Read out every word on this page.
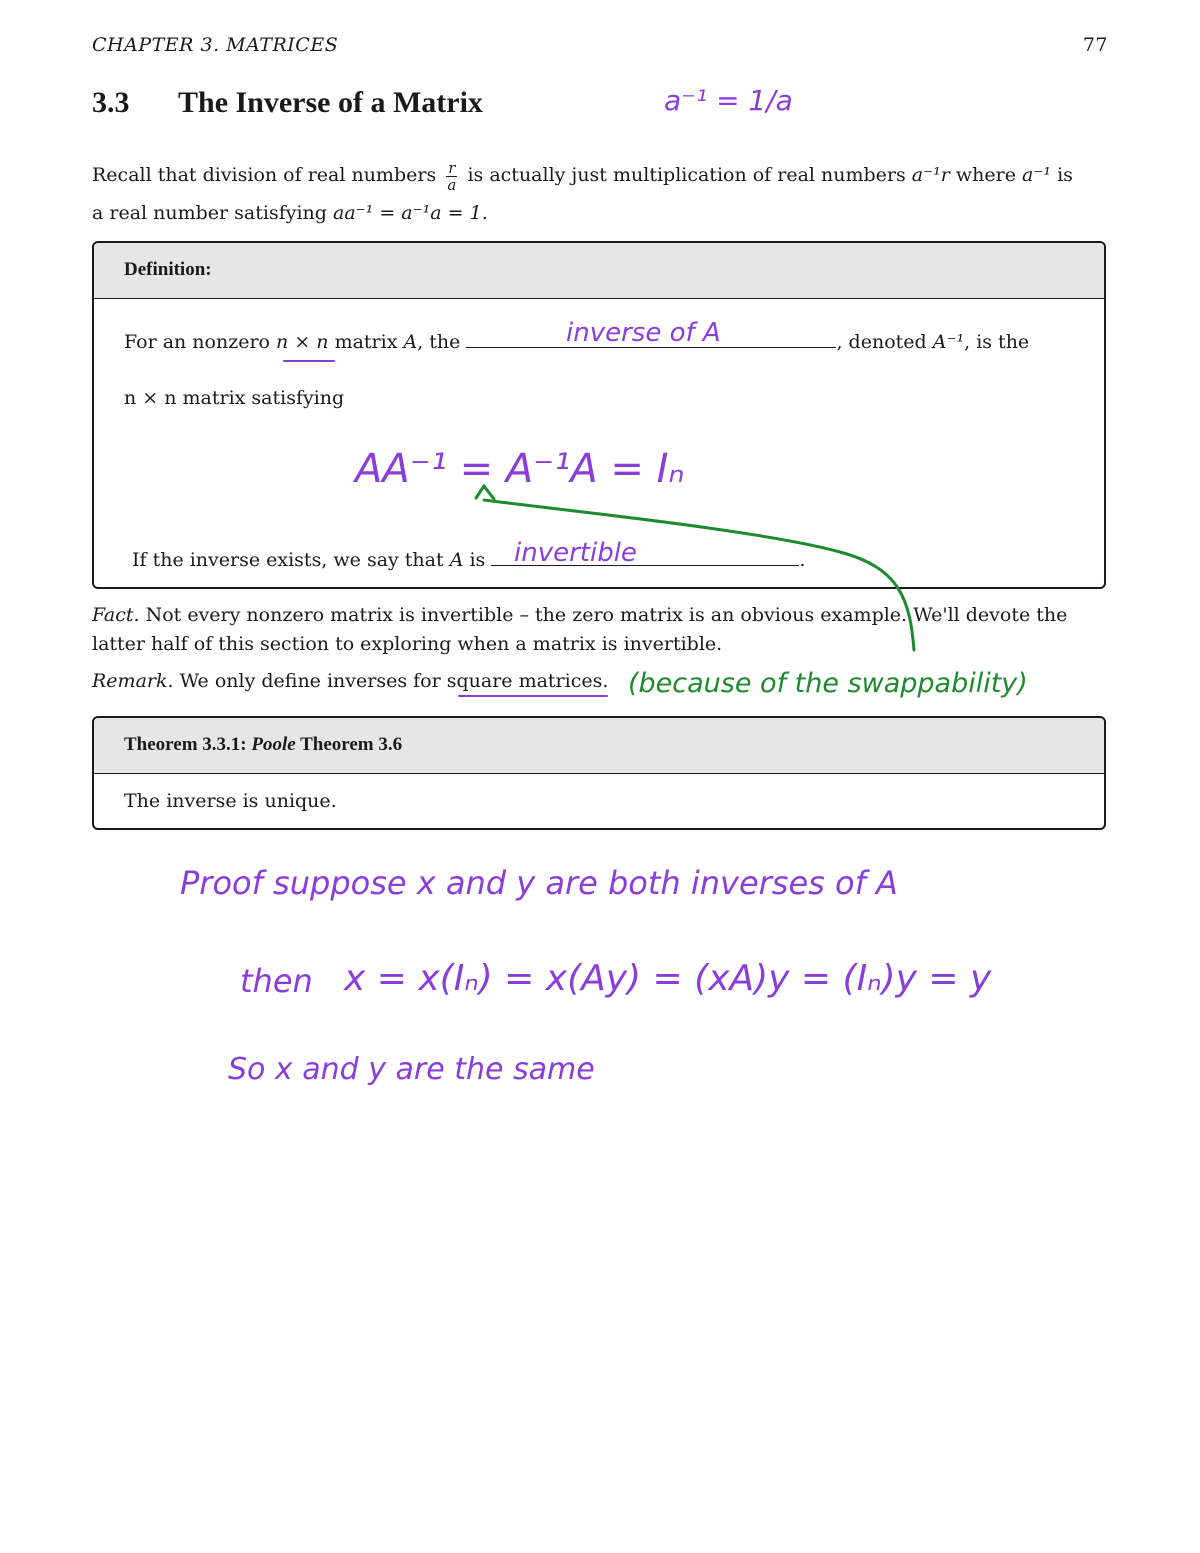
CHAPTER 3. MATRICES	77
3.3 The Inverse of a Matrix	a⁻¹ = 1/a
Recall that division of real numbers $\frac{r}{a}$ is actually just multiplication of real numbers a⁻¹r where a⁻¹ is
a real number satisfying aa⁻¹ = a⁻¹a = 1.
Definition:
For an nonzero n × n matrix A, the	, denoted A⁻¹, is the
n × n matrix satisfying
If the inverse exists, we say that A is	.
inverse of A
AA⁻¹ = A⁻¹A = Iₙ
invertible
Fact. Not every nonzero matrix is invertible – the zero matrix is an obvious example. We'll devote the latter half of this section to exploring when a matrix is invertible.
Remark. We only define inverses for square matrices. (because of the swappability)
Theorem 3.3.1: Poole Theorem 3.6
The inverse is unique.
Proof suppose x and y are both inverses of A
then x = x(Iₙ) = x(Ay) = (xA)y = (Iₙ)y = y
So x and y are the same
